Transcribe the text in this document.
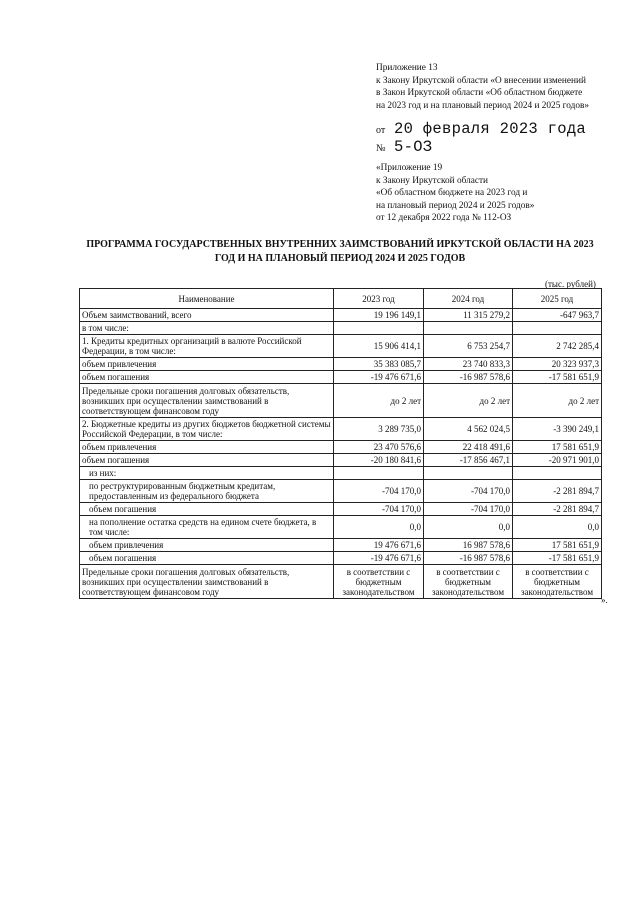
Приложение 13
к Закону Иркутской области «О внесении изменений
в Закон Иркутской области «Об областном бюджете
на 2023 год и на плановый период 2024 и 2025 годов»
от 20 февраля 2023 года
№ 5-ОЗ
«Приложение 19
к Закону Иркутской области
«Об областном бюджете на 2023 год и
на плановый период 2024 и 2025 годов»
от 12 декабря 2022 года № 112-ОЗ
ПРОГРАММА ГОСУДАРСТВЕННЫХ ВНУТРЕННИХ ЗАИМСТВОВАНИЙ ИРКУТСКОЙ ОБЛАСТИ НА 2023
ГОД И НА ПЛАНОВЫЙ ПЕРИОД 2024 И 2025 ГОДОВ
(тыс. рублей)
Наименование	2023 год	2024 год	2025 год
Объем заимствований, всего	19 196 149,1	11 315 279,2	-647 963,7
в том числе:			
1. Кредиты кредитных организаций в валюте Российской Федерации, в том числе:	15 906 414,1	6 753 254,7	2 742 285,4
объем привлечения	35 383 085,7	23 740 833,3	20 323 937,3
объем погашения	-19 476 671,6	-16 987 578,6	-17 581 651,9
Предельные сроки погашения долговых обязательств, возникших при осуществлении заимствований в соответствующем финансовом году	до 2 лет	до 2 лет	до 2 лет
2. Бюджетные кредиты из других бюджетов бюджетной системы Российской Федерации, в том числе:	3 289 735,0	4 562 024,5	-3 390 249,1
объем привлечения	23 470 576,6	22 418 491,6	17 581 651,9
объем погашения	-20 180 841,6	-17 856 467,1	-20 971 901,0
из них:			
по реструктурированным бюджетным кредитам, предоставленным из федерального бюджета	-704 170,0	-704 170,0	-2 281 894,7
объем погашения	-704 170,0	-704 170,0	-2 281 894,7
на пополнение остатка средств на едином счете бюджета, в том числе:	0,0	0,0	0,0
объем привлечения	19 476 671,6	16 987 578,6	17 581 651,9
объем погашения	-19 476 671,6	-16 987 578,6	-17 581 651,9
Предельные сроки погашения долговых обязательств, возникших при осуществлении заимствований в соответствующем финансовом году	в соответствии с бюджетным законодательством	в соответствии с бюджетным законодательством	в соответствии с бюджетным законодательством
».
